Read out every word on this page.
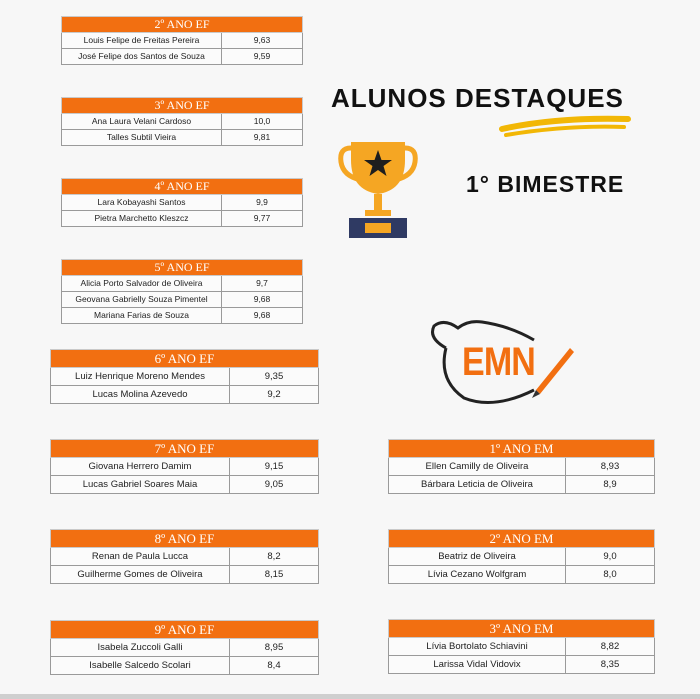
ALUNOS DESTAQUES
1° BIMESTRE
EMN
2º ANO EF
Louis Felipe de Freitas Pereira	9,63
José Felipe dos Santos de Souza	9,59
3º ANO EF
Ana Laura Velani Cardoso	10,0
Talles Subtil Vieira	9,81
4º ANO EF
Lara Kobayashi Santos	9,9
Pietra Marchetto Kleszcz	9,77
5º ANO EF
Alicia Porto Salvador de Oliveira	9,7
Geovana Gabrielly Souza Pimentel	9,68
Mariana Farias de Souza	9,68
6º ANO EF
Luiz Henrique Moreno Mendes	9,35
Lucas Molina Azevedo	9,2
7º ANO EF
Giovana Herrero Damim	9,15
Lucas Gabriel Soares Maia	9,05
8º ANO EF
Renan de Paula Lucca	8,2
Guilherme Gomes de Oliveira	8,15
9º ANO EF
Isabela Zuccoli Galli	8,95
Isabelle Salcedo Scolari	8,4
1º ANO EM
Ellen Camilly de Oliveira	8,93
Bárbara Leticia de Oliveira	8,9
2º ANO EM
Beatriz de Oliveira	9,0
Lívia Cezano Wolfgram	8,0
3º ANO EM
Lívia Bortolato Schiavini	8,82
Larissa Vidal Vidovix	8,35
